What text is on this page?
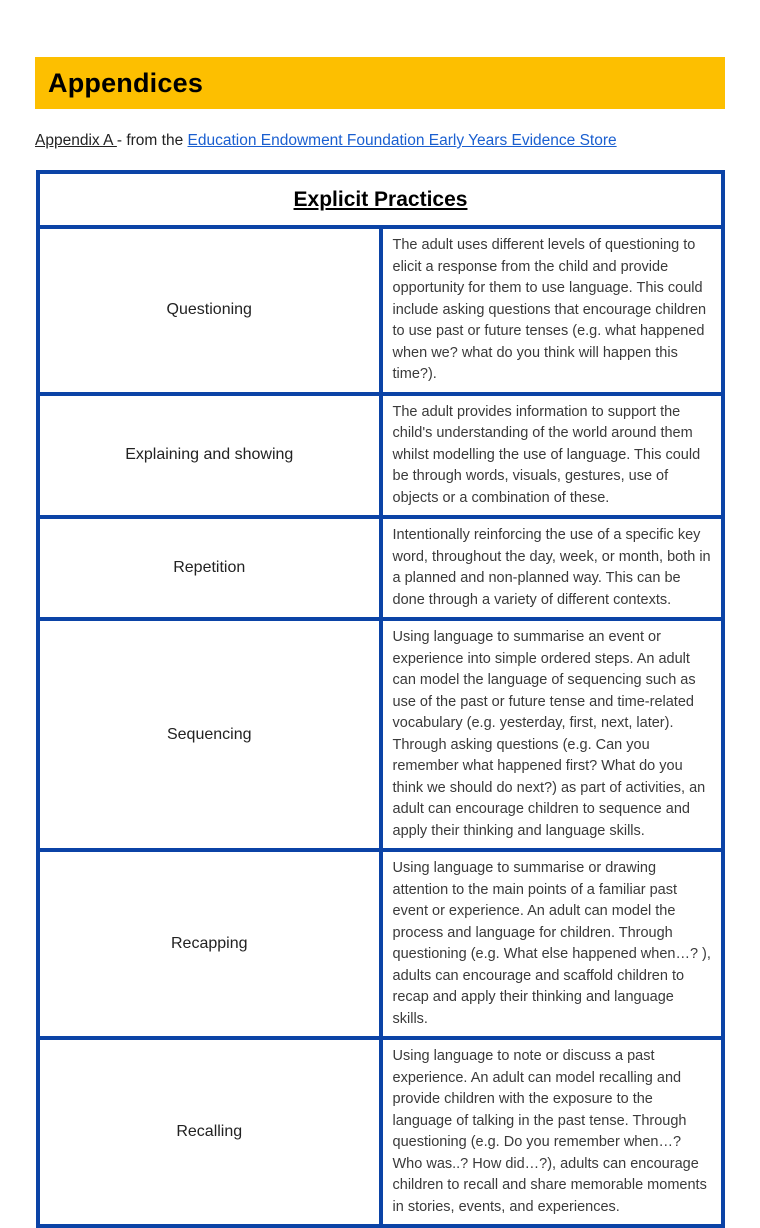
Appendices
Appendix A - from the Education Endowment Foundation Early Years Evidence Store
Explicit Practices	
Questioning	The adult uses different levels of questioning to elicit a response from the child and provide opportunity for them to use language. This could include asking questions that encourage children to use past or future tenses (e.g. what happened when we? what do you think will happen this time?).
Explaining and showing	The adult provides information to support the child's understanding of the world around them whilst modelling the use of language. This could be through words, visuals, gestures, use of objects or a combination of these.
Repetition	Intentionally reinforcing the use of a specific key word, throughout the day, week, or month, both in a planned and non-planned way. This can be done through a variety of different contexts.
Sequencing	Using language to summarise an event or experience into simple ordered steps. An adult can model the language of sequencing such as use of the past or future tense and time-related vocabulary (e.g. yesterday, first, next, later). Through asking questions (e.g. Can you remember what happened first? What do you think we should do next?) as part of activities, an adult can encourage children to sequence and apply their thinking and language skills.
Recapping	Using language to summarise or drawing attention to the main points of a familiar past event or experience. An adult can model the process and language for children. Through questioning (e.g. What else happened when…? ), adults can encourage and scaffold children to recap and apply their thinking and language skills.
Recalling	Using language to note or discuss a past experience. An adult can model recalling and provide children with the exposure to the language of talking in the past tense. Through questioning (e.g. Do you remember when…? Who was..? How did…?), adults can encourage children to recall and share memorable moments in stories, events, and experiences.
